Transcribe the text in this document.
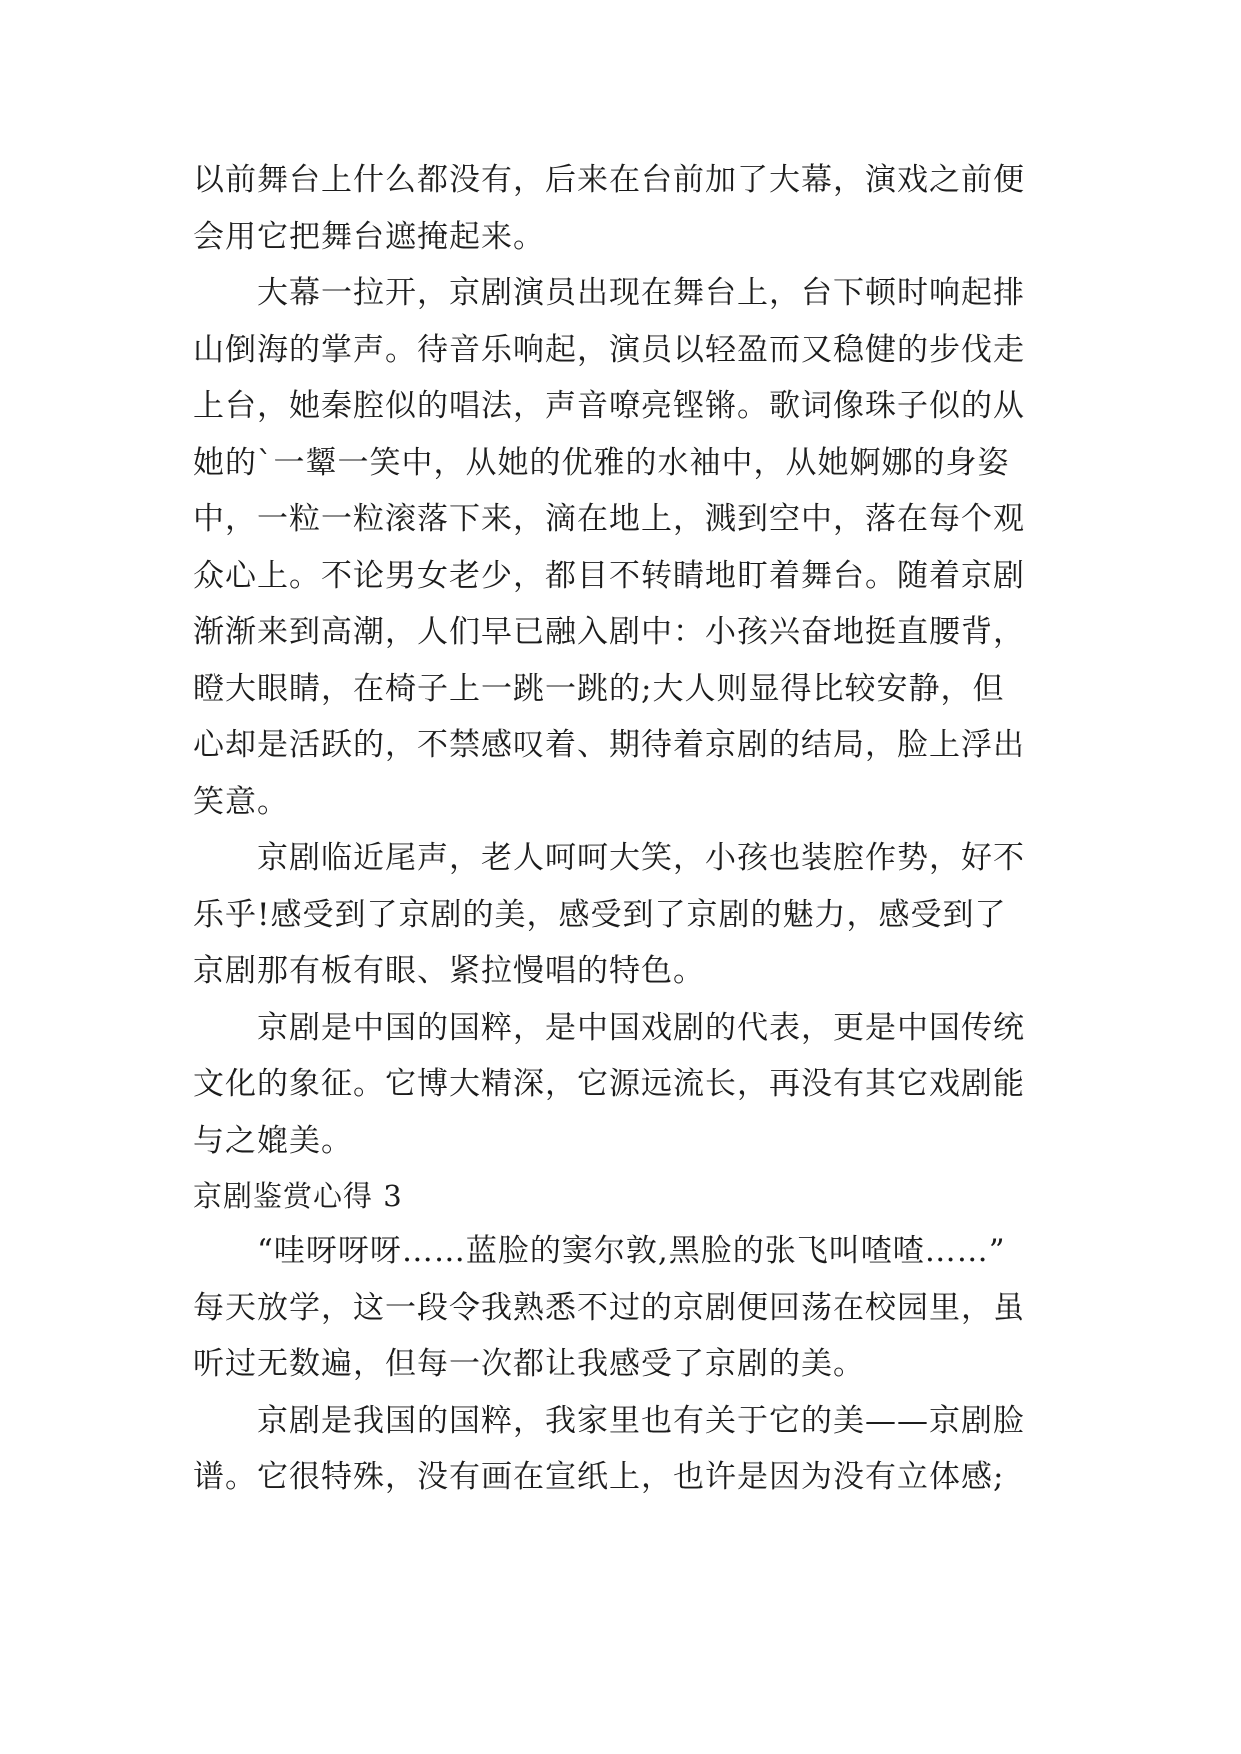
以前舞台上什么都没有，后来在台前加了大幕，演戏之前便
会用它把舞台遮掩起来。
大幕一拉开，京剧演员出现在舞台上，台下顿时响起排
山倒海的掌声。待音乐响起，演员以轻盈而又稳健的步伐走
上台，她秦腔似的唱法，声音嘹亮铿锵。歌词像珠子似的从
她的`一颦一笑中，从她的优雅的水袖中，从她婀娜的身姿
中，一粒一粒滚落下来，滴在地上，溅到空中，落在每个观
众心上。不论男女老少，都目不转睛地盯着舞台。随着京剧
渐渐来到高潮，人们早已融入剧中：小孩兴奋地挺直腰背，
瞪大眼睛，在椅子上一跳一跳的;大人则显得比较安静，但
心却是活跃的，不禁感叹着、期待着京剧的结局，脸上浮出
笑意。
京剧临近尾声，老人呵呵大笑，小孩也装腔作势，好不
乐乎!感受到了京剧的美，感受到了京剧的魅力，感受到了
京剧那有板有眼、紧拉慢唱的特色。
京剧是中国的国粹，是中国戏剧的代表，更是中国传统
文化的象征。它博大精深，它源远流长，再没有其它戏剧能
与之媲美。
京剧鉴赏心得 3
“哇呀呀呀……蓝脸的窦尔敦,黑脸的张飞叫喳喳……”
每天放学，这一段令我熟悉不过的京剧便回荡在校园里，虽
听过无数遍，但每一次都让我感受了京剧的美。
京剧是我国的国粹，我家里也有关于它的美——京剧脸
谱。它很特殊，没有画在宣纸上，也许是因为没有立体感;
